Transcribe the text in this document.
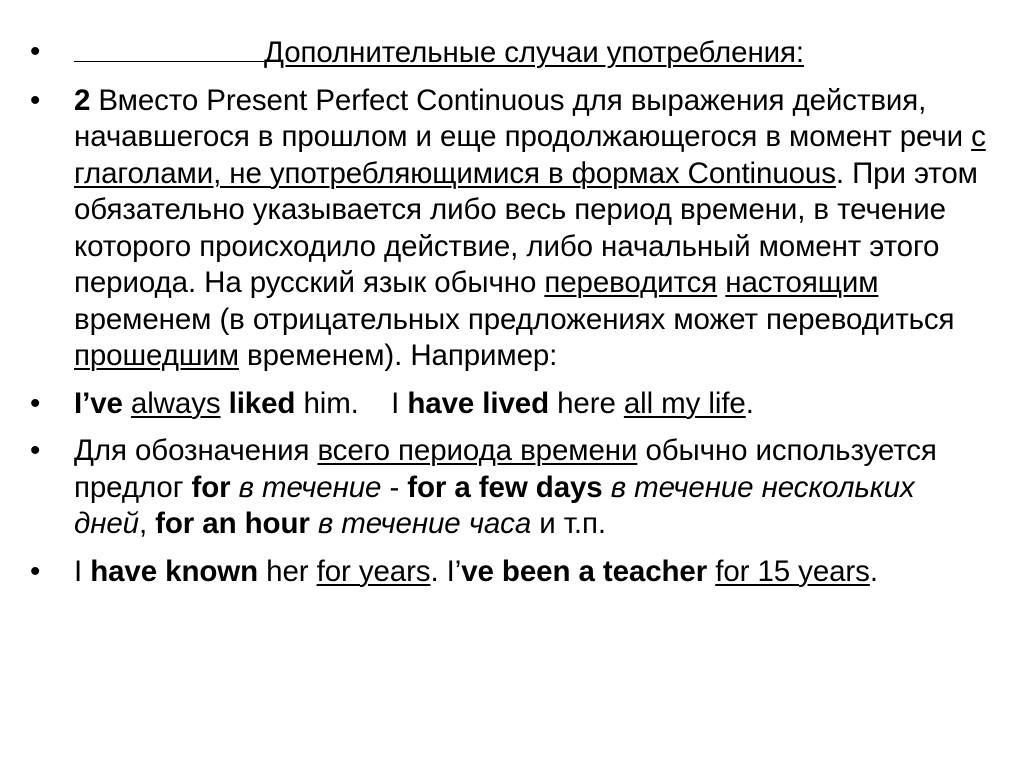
• Дополнительные случаи употребления:
• 2 Вместо Present Perfect Continuous для выражения действия, начавшегося в прошлом и еще продолжающегося в момент речи с глаголами, не употребляющимися в формах Continuous. При этом обязательно указывается либо весь период времени, в течение которого происходило действие, либо начальный момент этого периода. На русский язык обычно переводится настоящим временем (в отрицательных предложениях может переводиться прошедшим временем). Например:
• I’ve always liked him.    I have lived here all my life.
• Для обозначения всего периода времени обычно используется предлог for в течение - for a few days в течение нескольких дней, for an hour в течение часа и т.п.
• I have known her for years. I’ve been a teacher for 15 years.
